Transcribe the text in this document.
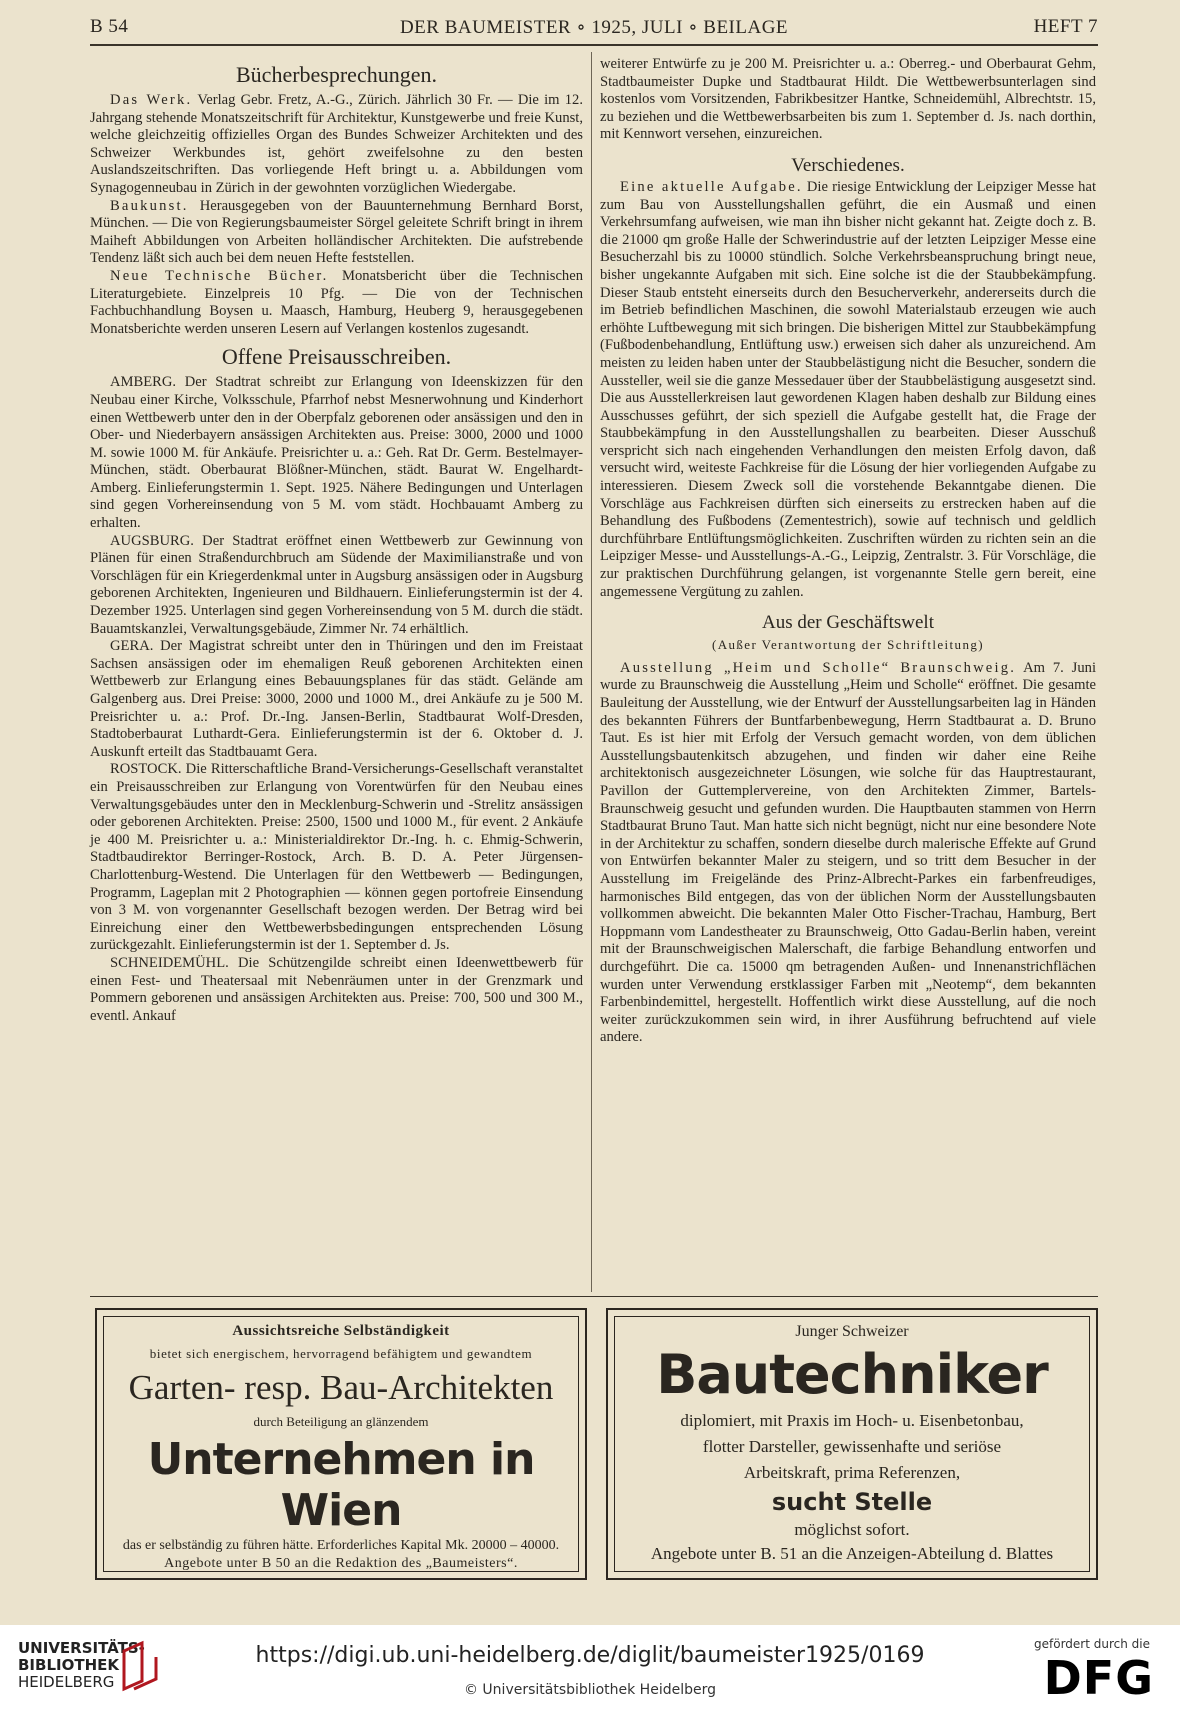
B 54	DER BAUMEISTER ∘ 1925, JULI ∘ BEILAGE	HEFT 7
Bücherbesprechungen.

Das Werk. Verlag Gebr. Fretz, A.-G., Zürich. Jährlich 30 Fr. — Die im 12. Jahrgang stehende Monatszeitschrift für Architektur, Kunstgewerbe und freie Kunst, welche gleichzeitig offizielles Organ des Bundes Schweizer Architekten und des Schweizer Werkbundes ist, gehört zweifelsohne zu den besten Auslandszeitschriften. Das vorliegende Heft bringt u. a. Abbildungen vom Synagogenneubau in Zürich in der gewohnten vorzüglichen Wiedergabe.

Baukunst. Herausgegeben von der Bauunternehmung Bernhard Borst, München. — Die von Regierungsbaumeister Sörgel geleitete Schrift bringt in ihrem Maiheft Abbildungen von Arbeiten holländischer Architekten. Die aufstrebende Tendenz läßt sich auch bei dem neuen Hefte feststellen.

Neue Technische Bücher. Monatsbericht über die Technischen Literaturgebiete. Einzelpreis 10 Pfg. — Die von der Technischen Fachbuchhandlung Boysen u. Maasch, Hamburg, Heuberg 9, herausgegebenen Monatsberichte werden unseren Lesern auf Verlangen kostenlos zugesandt.

Offene Preisausschreiben.

AMBERG. Der Stadtrat schreibt zur Erlangung von Ideenskizzen für den Neubau einer Kirche, Volksschule, Pfarrhof nebst Mesnerwohnung und Kinderhort einen Wettbewerb unter den in der Oberpfalz geborenen oder ansässigen und den in Ober- und Niederbayern ansässigen Architekten aus. Preise: 3000, 2000 und 1000 M. sowie 1000 M. für Ankäufe. Preisrichter u. a.: Geh. Rat Dr. Germ. Bestelmayer-München, städt. Oberbaurat Blößner-München, städt. Baurat W. Engelhardt-Amberg. Einlieferungstermin 1. Sept. 1925. Nähere Bedingungen und Unterlagen sind gegen Vorhereinsendung von 5 M. vom städt. Hochbauamt Amberg zu erhalten.

AUGSBURG. Der Stadtrat eröffnet einen Wettbewerb zur Gewinnung von Plänen für einen Straßendurchbruch am Südende der Maximilianstraße und von Vorschlägen für ein Kriegerdenkmal unter in Augsburg ansässigen oder in Augsburg geborenen Architekten, Ingenieuren und Bildhauern. Einlieferungstermin ist der 4. Dezember 1925. Unterlagen sind gegen Vorhereinsendung von 5 M. durch die städt. Bauamtskanzlei, Verwaltungsgebäude, Zimmer Nr. 74 erhältlich.

GERA. Der Magistrat schreibt unter den in Thüringen und den im Freistaat Sachsen ansässigen oder im ehemaligen Reuß geborenen Architekten einen Wettbewerb zur Erlangung eines Bebauungsplanes für das städt. Gelände am Galgenberg aus. Drei Preise: 3000, 2000 und 1000 M., drei Ankäufe zu je 500 M. Preisrichter u. a.: Prof. Dr.-Ing. Jansen-Berlin, Stadtbaurat Wolf-Dresden, Stadtoberbaurat Luthardt-Gera. Einlieferungstermin ist der 6. Oktober d. J. Auskunft erteilt das Stadtbauamt Gera.

ROSTOCK. Die Ritterschaftliche Brand-Versicherungs-Gesellschaft veranstaltet ein Preisausschreiben zur Erlangung von Vorentwürfen für den Neubau eines Verwaltungsgebäudes unter den in Mecklenburg-Schwerin und -Strelitz ansässigen oder geborenen Architekten. Preise: 2500, 1500 und 1000 M., für event. 2 Ankäufe je 400 M. Preisrichter u. a.: Ministerialdirektor Dr.-Ing. h. c. Ehmig-Schwerin, Stadtbaudirektor Berringer-Rostock, Arch. B. D. A. Peter Jürgensen-Charlottenburg-Westend. Die Unterlagen für den Wettbewerb — Bedingungen, Programm, Lageplan mit 2 Photographien — können gegen portofreie Einsendung von 3 M. von vorgenannter Gesellschaft bezogen werden. Der Betrag wird bei Einreichung einer den Wettbewerbsbedingungen entsprechenden Lösung zurückgezahlt. Einlieferungstermin ist der 1. September d. Js.

SCHNEIDEMÜHL. Die Schützengilde schreibt einen Ideenwettbewerb für einen Fest- und Theatersaal mit Nebenräumen unter in der Grenzmark und Pommern geborenen und ansässigen Architekten aus. Preise: 700, 500 und 300 M., eventl. Ankauf

weiterer Entwürfe zu je 200 M. Preisrichter u. a.: Oberreg.- und Oberbaurat Gehm, Stadtbaumeister Dupke und Stadtbaurat Hildt. Die Wettbewerbsunterlagen sind kostenlos vom Vorsitzenden, Fabrikbesitzer Hantke, Schneidemühl, Albrechtstr. 15, zu beziehen und die Wettbewerbsarbeiten bis zum 1. September d. Js. nach dorthin, mit Kennwort versehen, einzureichen.

Verschiedenes.

Eine aktuelle Aufgabe. Die riesige Entwicklung der Leipziger Messe hat zum Bau von Ausstellungshallen geführt, die ein Ausmaß und einen Verkehrsumfang aufweisen, wie man ihn bisher nicht gekannt hat. Zeigte doch z. B. die 21000 qm große Halle der Schwerindustrie auf der letzten Leipziger Messe eine Besucherzahl bis zu 10000 stündlich. Solche Verkehrsbeanspruchung bringt neue, bisher ungekannte Aufgaben mit sich. Eine solche ist die der Staubbekämpfung. Dieser Staub entsteht einerseits durch den Besucherverkehr, andererseits durch die im Betrieb befindlichen Maschinen, die sowohl Materialstaub erzeugen wie auch erhöhte Luftbewegung mit sich bringen. Die bisherigen Mittel zur Staubbekämpfung (Fußbodenbehandlung, Entlüftung usw.) erweisen sich daher als unzureichend. Am meisten zu leiden haben unter der Staubbelästigung nicht die Besucher, sondern die Aussteller, weil sie die ganze Messedauer über der Staubbelästigung ausgesetzt sind. Die aus Ausstellerkreisen laut gewordenen Klagen haben deshalb zur Bildung eines Ausschusses geführt, der sich speziell die Aufgabe gestellt hat, die Frage der Staubbekämpfung in den Ausstellungshallen zu bearbeiten. Dieser Ausschuß verspricht sich nach eingehenden Verhandlungen den meisten Erfolg davon, daß versucht wird, weiteste Fachkreise für die Lösung der hier vorliegenden Aufgabe zu interessieren. Diesem Zweck soll die vorstehende Bekanntgabe dienen. Die Vorschläge aus Fachkreisen dürften sich einerseits zu erstrecken haben auf die Behandlung des Fußbodens (Zementestrich), sowie auf technisch und geldlich durchführbare Entlüftungsmöglichkeiten. Zuschriften würden zu richten sein an die Leipziger Messe- und Ausstellungs-A.-G., Leipzig, Zentralstr. 3. Für Vorschläge, die zur praktischen Durchführung gelangen, ist vorgenannte Stelle gern bereit, eine angemessene Vergütung zu zahlen.

Aus der Geschäftswelt
(Außer Verantwortung der Schriftleitung)

Ausstellung „Heim und Scholle“ Braunschweig. Am 7. Juni wurde zu Braunschweig die Ausstellung „Heim und Scholle“ eröffnet. Die gesamte Bauleitung der Ausstellung, wie der Entwurf der Ausstellungsarbeiten lag in Händen des bekannten Führers der Buntfarbenbewegung, Herrn Stadtbaurat a. D. Bruno Taut. Es ist hier mit Erfolg der Versuch gemacht worden, von dem üblichen Ausstellungsbautenkitsch abzugehen, und finden wir daher eine Reihe architektonisch ausgezeichneter Lösungen, wie solche für das Hauptrestaurant, Pavillon der Guttemplervereine, von den Architekten Zimmer, Bartels-Braunschweig gesucht und gefunden wurden. Die Hauptbauten stammen von Herrn Stadtbaurat Bruno Taut. Man hatte sich nicht begnügt, nicht nur eine besondere Note in der Architektur zu schaffen, sondern dieselbe durch malerische Effekte auf Grund von Entwürfen bekannter Maler zu steigern, und so tritt dem Besucher in der Ausstellung im Freigelände des Prinz-Albrecht-Parkes ein farbenfreudiges, harmonisches Bild entgegen, das von der üblichen Norm der Ausstellungsbauten vollkommen abweicht. Die bekannten Maler Otto Fischer-Trachau, Hamburg, Bert Hoppmann vom Landestheater zu Braunschweig, Otto Gadau-Berlin haben, vereint mit der Braunschweigischen Malerschaft, die farbige Behandlung entworfen und durchgeführt. Die ca. 15000 qm betragenden Außen- und Innenanstrichflächen wurden unter Verwendung erstklassiger Farben mit „Neotemp“, dem bekannten Farbenbindemittel, hergestellt. Hoffentlich wirkt diese Ausstellung, auf die noch weiter zurückzukommen sein wird, in ihrer Ausführung befruchtend auf viele andere.

Aussichtsreiche Selbständigkeit
bietet sich energischem, hervorragend befähigtem und gewandtem
Garten- resp. Bau-Architekten
durch Beteiligung an glänzendem
Unternehmen in Wien
das er selbständig zu führen hätte. Erforderliches Kapital Mk. 20000 – 40000.
Angebote unter B 50 an die Redaktion des „Baumeisters“.
Junger Schweizer
Bautechniker
diplomiert, mit Praxis im Hoch- u. Eisenbetonbau,
flotter Darsteller, gewissenhafte und seriöse
Arbeitskraft, prima Referenzen,
sucht Stelle
möglichst sofort.
Angebote unter B. 51 an die Anzeigen-Abteilung d. Blattes
UNIVERSITÄTS-
BIBLIOTHEK
HEIDELBERG
https://digi.ub.uni-heidelberg.de/diglit/baumeister1925/0169
© Universitätsbibliothek Heidelberg
gefördert durch die
DFG
